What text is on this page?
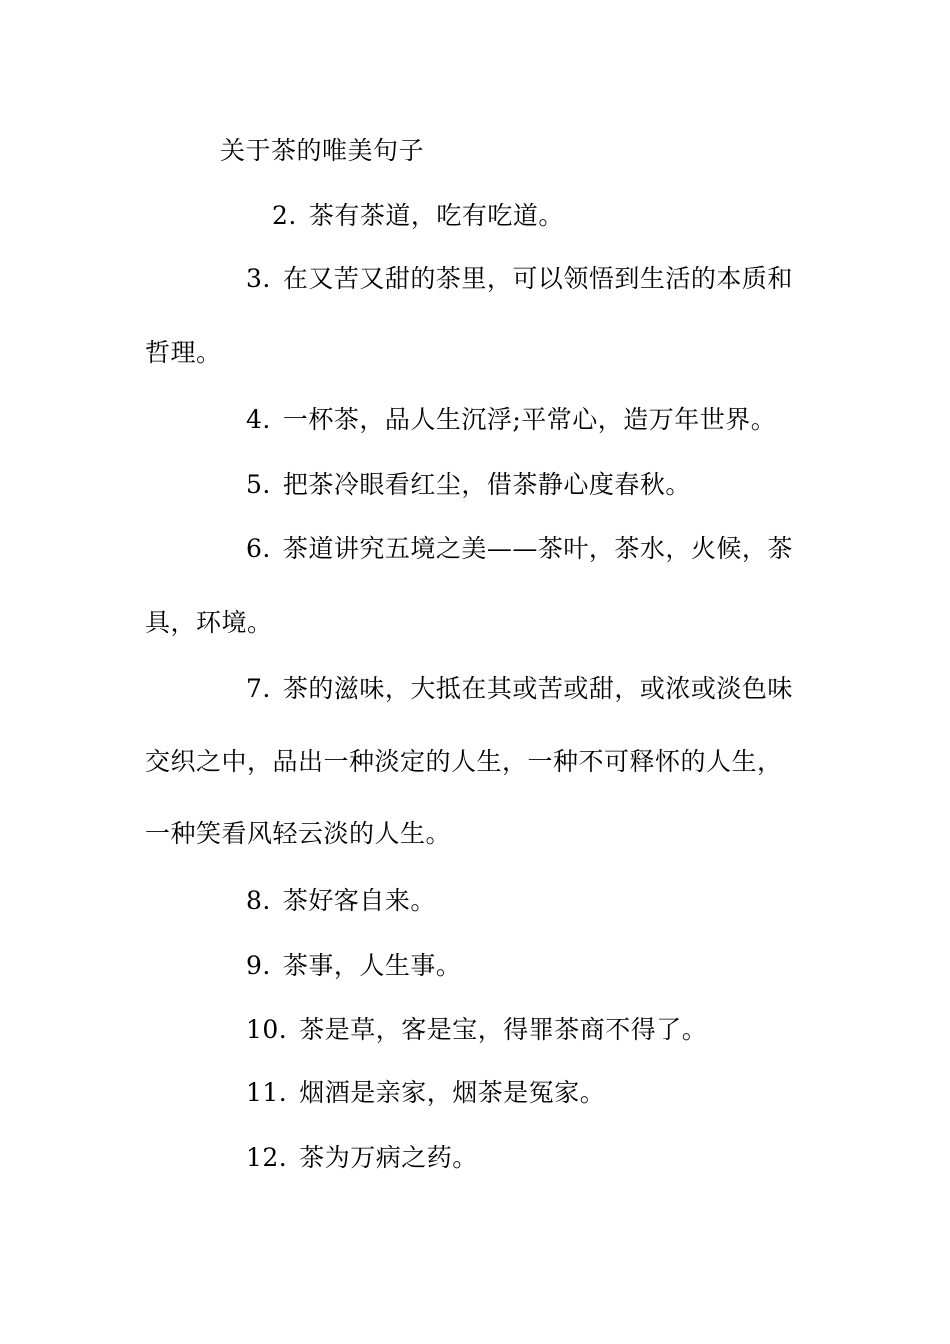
关于茶的唯美句子
2. 茶有茶道，吃有吃道。
3. 在又苦又甜的茶里，可以领悟到生活的本质和
哲理。
4. 一杯茶，品人生沉浮;平常心，造万年世界。
5. 把茶冷眼看红尘，借茶静心度春秋。
6. 茶道讲究五境之美——茶叶，茶水，火候，茶
具，环境。
7. 茶的滋味，大抵在其或苦或甜，或浓或淡色味
交织之中，品出一种淡定的人生，一种不可释怀的人生，
一种笑看风轻云淡的人生。
8. 茶好客自来。
9. 茶事，人生事。
10. 茶是草，客是宝，得罪茶商不得了。
11. 烟酒是亲家，烟茶是冤家。
12. 茶为万病之药。
